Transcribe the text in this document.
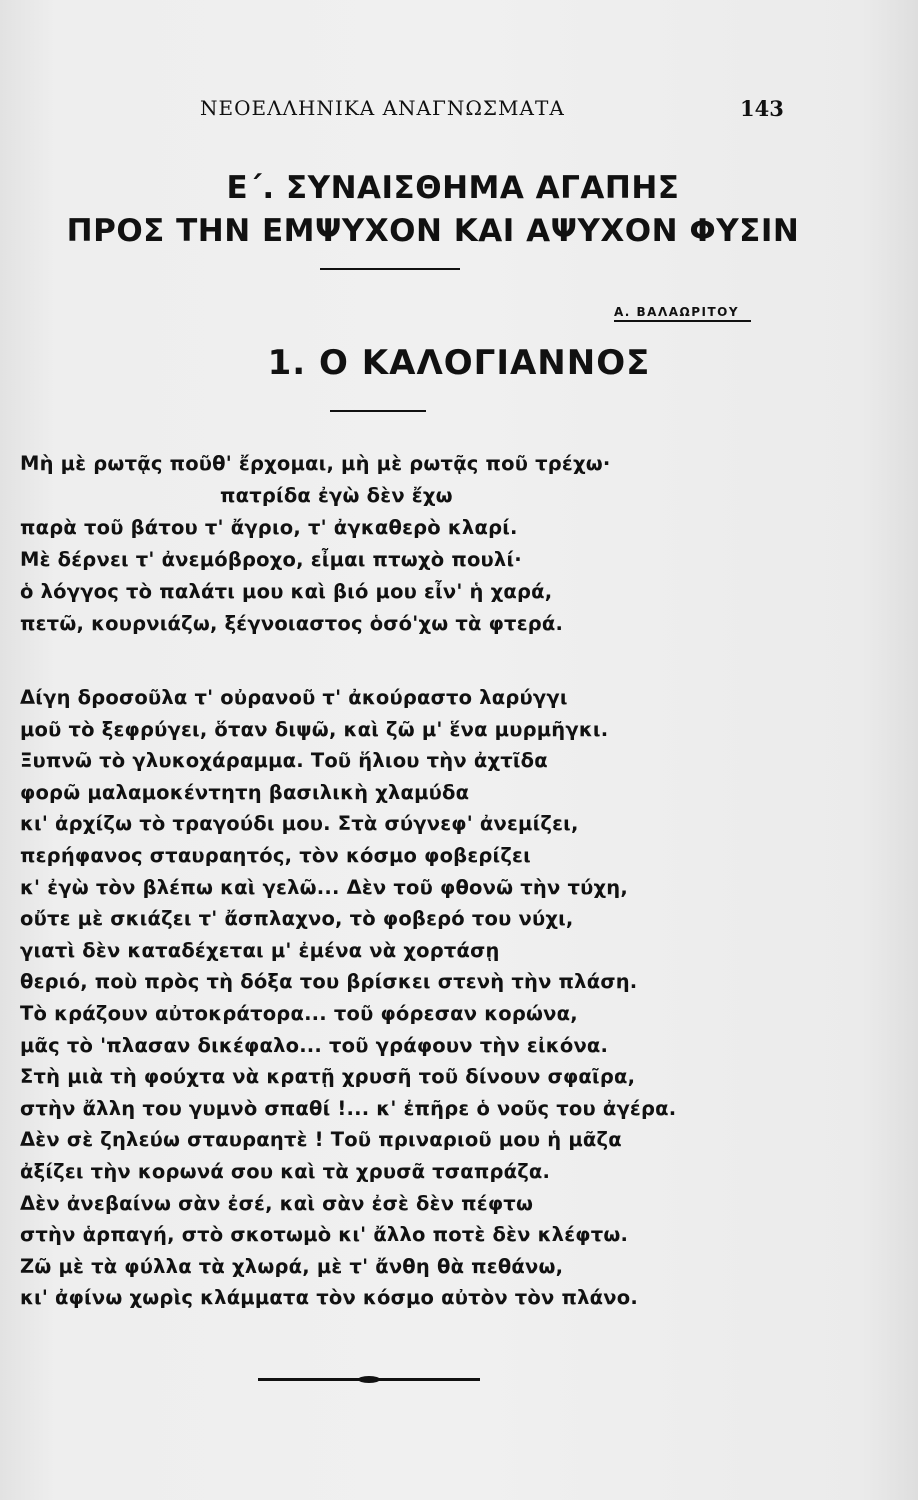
ΝΕΟΕΛΛΗΝΙΚΑ ΑΝΑΓΝΩΣΜΑΤΑ	143
Ε΄. ΣΥΝΑΙΣΘΗΜΑ ΑΓΑΠΗΣ
ΠΡΟΣ ΤΗΝ ΕΜΨΥΧΟΝ ΚΑΙ ΑΨΥΧΟΝ ΦΥΣΙΝ
Α. ΒΑΛΑΩΡΙΤΟΥ
1. Ο ΚΑΛΟΓΙΑΝΝΟΣ
Μὴ μὲ ρωτᾷς ποῦθ' ἔρχομαι, μὴ μὲ ρωτᾷς ποῦ τρέχω·
πατρίδα ἐγὼ δὲν ἔχω
παρὰ τοῦ βάτου τ' ἄγριο, τ' ἀγκαθερὸ κλαρί.
Μὲ δέρνει τ' ἀνεμόβροχο, εἶμαι πτωχὸ πουλί·
ὁ λόγγος τὸ παλάτι μου καὶ βιό μου εἶν' ἡ χαρά,
πετῶ, κουρνιάζω, ξέγνοιαστος ὁσό'χω τὰ φτερά.
Δίγη δροσοῦλα τ' οὐρανοῦ τ' ἀκούραστο λαρύγγι
μοῦ τὸ ξεφρύγει, ὅταν διψῶ, καὶ ζῶ μ' ἕνα μυρμῆγκι.
Ξυπνῶ τὸ γλυκοχάραμμα. Τοῦ ἥλιου τὴν ἀχτῖδα
φορῶ μαλαμοκέντητη βασιλικὴ χλαμύδα
κι' ἀρχίζω τὸ τραγούδι μου. Στὰ σύγνεφ' ἀνεμίζει,
περήφανος σταυραητός, τὸν κόσμο φοβερίζει
κ' ἐγὼ τὸν βλέπω καὶ γελῶ... Δὲν τοῦ φθονῶ τὴν τύχη,
οὔτε μὲ σκιάζει τ' ἄσπλαχνο, τὸ φοβερό του νύχι,
γιατὶ δὲν καταδέχεται μ' ἐμένα νὰ χορτάσῃ
θεριό, ποὺ πρὸς τὴ δόξα του βρίσκει στενὴ τὴν πλάση.
Τὸ κράζουν αὐτοκράτορα... τοῦ φόρεσαν κορώνα,
μᾶς τὸ 'πλασαν δικέφαλο... τοῦ γράφουν τὴν εἰκόνα.
Στὴ μιὰ τὴ φούχτα νὰ κρατῇ χρυσῆ τοῦ δίνουν σφαῖρα,
στὴν ἄλλη του γυμνὸ σπαθί !... κ' ἐπῆρε ὁ νοῦς του ἀγέρα.
Δὲν σὲ ζηλεύω σταυραητὲ ! Τοῦ πριναριοῦ μου ἡ μᾶζα
ἀξίζει τὴν κορωνά σου καὶ τὰ χρυσᾶ τσαπράζα.
Δὲν ἀνεβαίνω σὰν ἐσέ, καὶ σὰν ἐσὲ δὲν πέφτω
στὴν ἁρπαγή, στὸ σκοτωμὸ κι' ἄλλο ποτὲ δὲν κλέφτω.
Ζῶ μὲ τὰ φύλλα τὰ χλωρά, μὲ τ' ἄνθη θὰ πεθάνω,
κι' ἀφίνω χωρὶς κλάμματα τὸν κόσμο αὐτὸν τὸν πλάνο.
